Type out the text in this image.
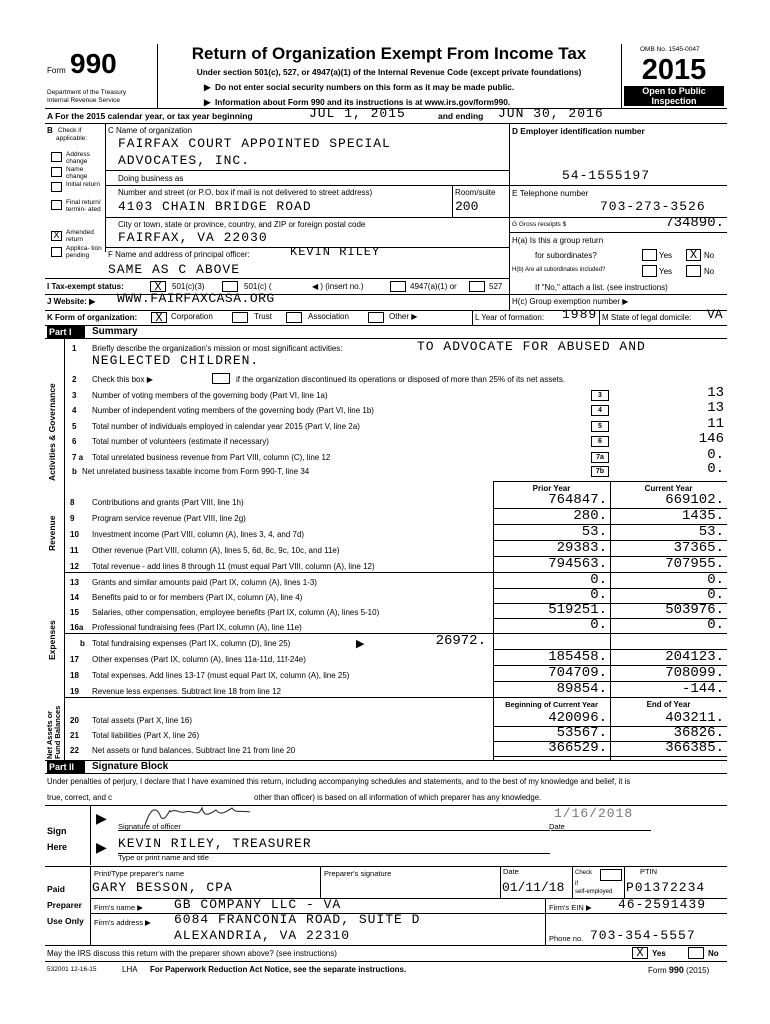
Form 990
Department of the Treasury
Internal Revenue Service
Return of Organization Exempt From Income Tax
Under section 501(c), 527, or 4947(a)(1) of the Internal Revenue Code (except private foundations)
▶  Do not enter social security numbers on this form as it may be made public.
▶  Information about Form 990 and its instructions is at www.irs.gov/form990.
OMB No. 1545-0047
2015
Open to Public
Inspection
A For the 2015 calendar year, or tax year beginning	JUL 1, 2015	and ending JUN 30, 2016
B Check if
applicable:
Address change
Name change
Initial return
Final return/ termin- ated
X	Amended return
Applica- tion pending
C Name of organization
FAIRFAX COURT APPOINTED SPECIAL
ADVOCATES, INC.
Doing business as
Number and street (or P.O. box if mail is not delivered to street address)	Room/suite
4103 CHAIN BRIDGE ROAD	200
City or town, state or province, country, and ZIP or foreign postal code
FAIRFAX, VA 22030
F Name and address of principal officer:	KEVIN RILEY
SAME AS C ABOVE
D Employer identification number
54-1555197
E Telephone number
703-273-3526
G Gross receipts $	734890.
H(a) Is this a group return
for subordinates?	Yes	X No
H(b) Are all subordinates included?	Yes	No
If "No," attach a list. (see instructions)
I Tax-exempt status:	X	501(c)(3)	501(c) (	◀ ) (insert no.)	4947(a)(1) or	527
J Website: ▶ WWW.FAIRFAXCASA.ORG	H(c) Group exemption number ▶
K Form of organization:	X	Corporation	Trust	Association	Other ▶	L Year of formation: 1989 M State of legal domicile: VA
Part I	Summary
Activities & Governance
Revenue
Expenses
Net Assets or Fund Balances
1 Briefly describe the organization's mission or most significant activities:	TO ADVOCATE FOR ABUSED AND
NEGLECTED CHILDREN.
2 Check this box ▶	if the organization discontinued its operations or disposed of more than 25% of its net assets.
3 Number of voting members of the governing body (Part VI, line 1a)	3	13
4 Number of independent voting members of the governing body (Part VI, line 1b)	4	13
5 Total number of individuals employed in calendar year 2015 (Part V, line 2a)	5	11
6 Total number of volunteers (estimate if necessary)	6	146
7 a Total unrelated business revenue from Part VIII, column (C), line 12	7a	0.
b Net unrelated business taxable income from Form 990-T, line 34	7b	0.
Prior Year	Current Year
8 Contributions and grants (Part VIII, line 1h)	764847.	669102.
9 Program service revenue (Part VIII, line 2g)	280.	1435.
10 Investment income (Part VIII, column (A), lines 3, 4, and 7d)	53.	53.
11 Other revenue (Part VIII, column (A), lines 5, 6d, 8c, 9c, 10c, and 11e)	29383.	37365.
12 Total revenue - add lines 8 through 11 (must equal Part VIII, column (A), line 12)	794563.	707955.
13 Grants and similar amounts paid (Part IX, column (A), lines 1-3)	0.	0.
14 Benefits paid to or for members (Part IX, column (A), line 4)	0.	0.
15 Salaries, other compensation, employee benefits (Part IX, column (A), lines 5-10)	519251.	503976.
16a Professional fundraising fees (Part IX, column (A), line 11e)	0.	0.
b Total fundraising expenses (Part IX, column (D), line 25)	▶	26972.
17 Other expenses (Part IX, column (A), lines 11a-11d, 11f-24e)	185458.	204123.
18 Total expenses. Add lines 13-17 (must equal Part IX, column (A), line 25)	704709.	708099.
19 Revenue less expenses. Subtract line 18 from line 12	89854.	-144.
Beginning of Current Year	End of Year
20 Total assets (Part X, line 16)	420096.	403211.
21 Total liabilities (Part X, line 26)	53567.	36826.
22 Net assets or fund balances. Subtract line 21 from line 20	366529.	366385.
Part II	Signature Block
Under penalties of perjury, I declare that I have examined this return, including accompanying schedules and statements, and to the best of my knowledge and belief, it is
true, correct, and c	other than officer) is based on all information of which preparer has any knowledge.
Sign
Here
▶
Signature of officer
1/16/2018
Date
▶ KEVIN RILEY, TREASURER
Type or print name and title
Paid
Preparer
Use Only
Print/Type preparer's name	Preparer's signature	Date	Check
if
self-employed
PTIN
GARY BESSON, CPA	01/11/18	P01372234
Firm's name ▶ GB COMPANY LLC - VA	Firm's EIN ▶ 46-2591439
Firm's address ▶ 6084 FRANCONIA ROAD, SUITE D
ALEXANDRIA, VA 22310	Phone no. 703-354-5557
May the IRS discuss this return with the preparer shown above? (see instructions)	X	Yes	No
532001 12-16-15	LHA For Paperwork Reduction Act Notice, see the separate instructions.	Form 990 (2015)
